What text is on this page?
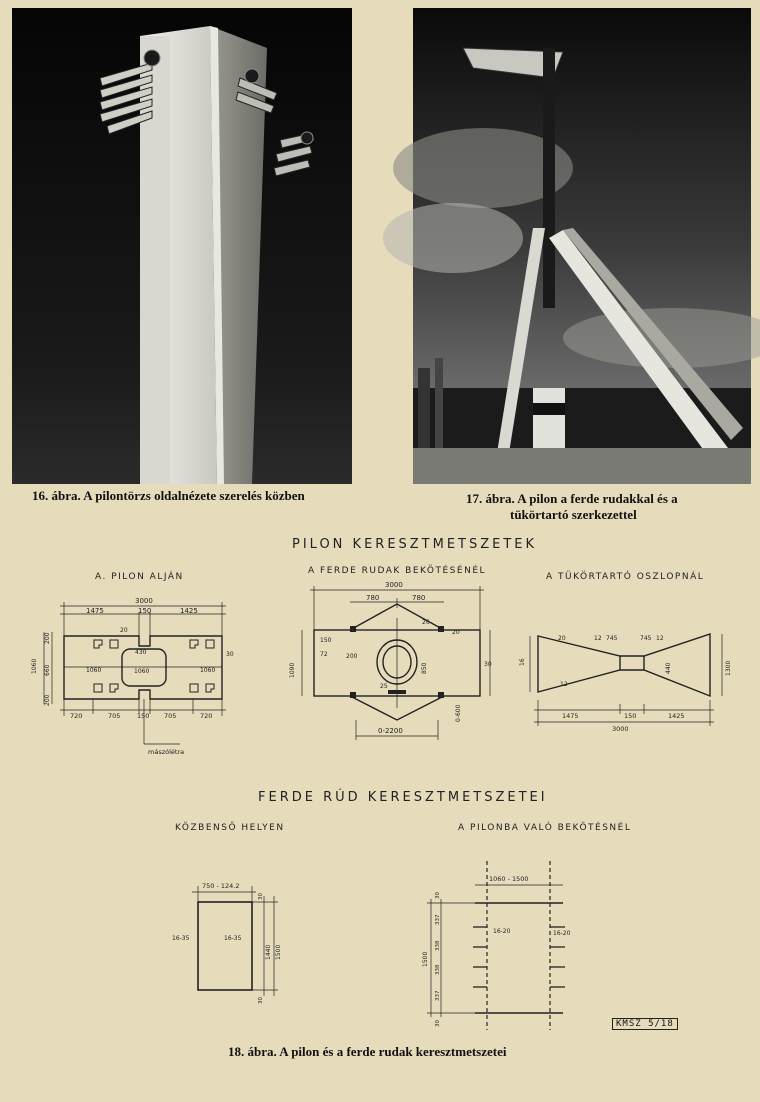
16. ábra. A pilontörzs oldalnézete szerelés közben	17. ábra. A pilon a ferde rudakkal és a
tükörtartó szerkezettel
PILON KERESZTMETSZETEK
A. PILON ALJÁN
A FERDE RUDAK BEKÖTÉSÉNÉL
A TÜKÖRTARTÓ OSZLOPNÁL
3000
1475	150	1425
20
430
1060	1060	1060
30
1060
200
660
200
720	705	150 705	720
mászólétra
3000
780	780
26
20
150
72	200
850	30
1090
0-600
0-2200
25
20	12 745	745 12
16
12
440	1300
1475	150	1425
3000
FERDE RÚD KERESZTMETSZETEI
KÖZBENSŐ HELYEN	A PILONBA VALÓ BEKÖTÉSNÉL
750 - 124.2
16-35	16-35
1440 1500
30
30
1060 - 1500
16-20	16-20
1500
337
338
338
337
30
30	KMSZ 5/18
18. ábra. A pilon és a ferde rudak keresztmetszetei
